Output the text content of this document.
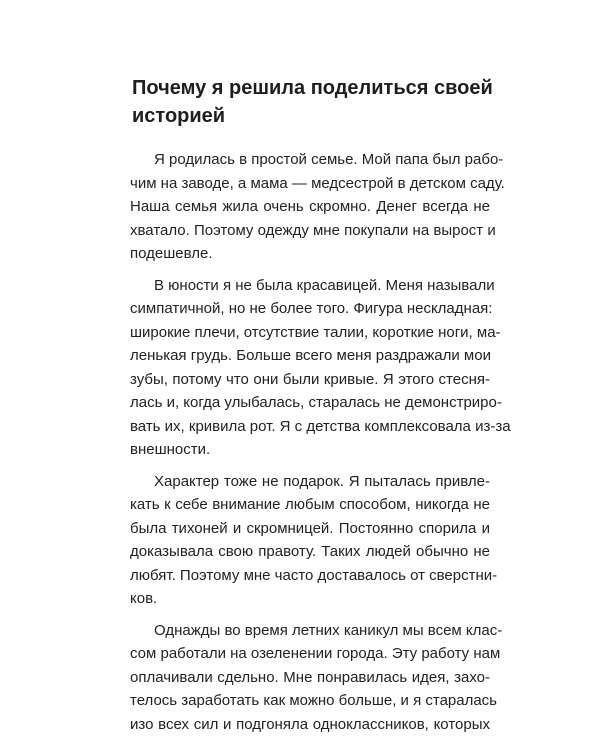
Почему я решила поделиться своей
историей
Я родилась в простой семье. Мой папа был рабо-
чим на заводе, а мама — медсестрой в детском саду.
Наша семья жила очень скромно. Денег всегда не
хватало. Поэтому одежду мне покупали на вырост и
подешевле.
В юности я не была красавицей. Меня называли
симпатичной, но не более того. Фигура нескладная:
широкие плечи, отсутствие талии, короткие ноги, ма-
ленькая грудь. Больше всего меня раздражали мои
зубы, потому что они были кривые. Я этого стесня-
лась и, когда улыбалась, старалась не демонстриро-
вать их, кривила рот. Я с детства комплексовала из-за
внешности.
Характер тоже не подарок. Я пыталась привле-
кать к себе внимание любым способом, никогда не
была тихоней и скромницей. Постоянно спорила и
доказывала свою правоту. Таких людей обычно не
любят. Поэтому мне часто доставалось от сверстни-
ков.
Однажды во время летних каникул мы всем клас-
сом работали на озеленении города. Эту работу нам
оплачивали сдельно. Мне понравилась идея, захо-
телось заработать как можно больше, и я старалась
изо всех сил и подгоняла одноклассников, которых
